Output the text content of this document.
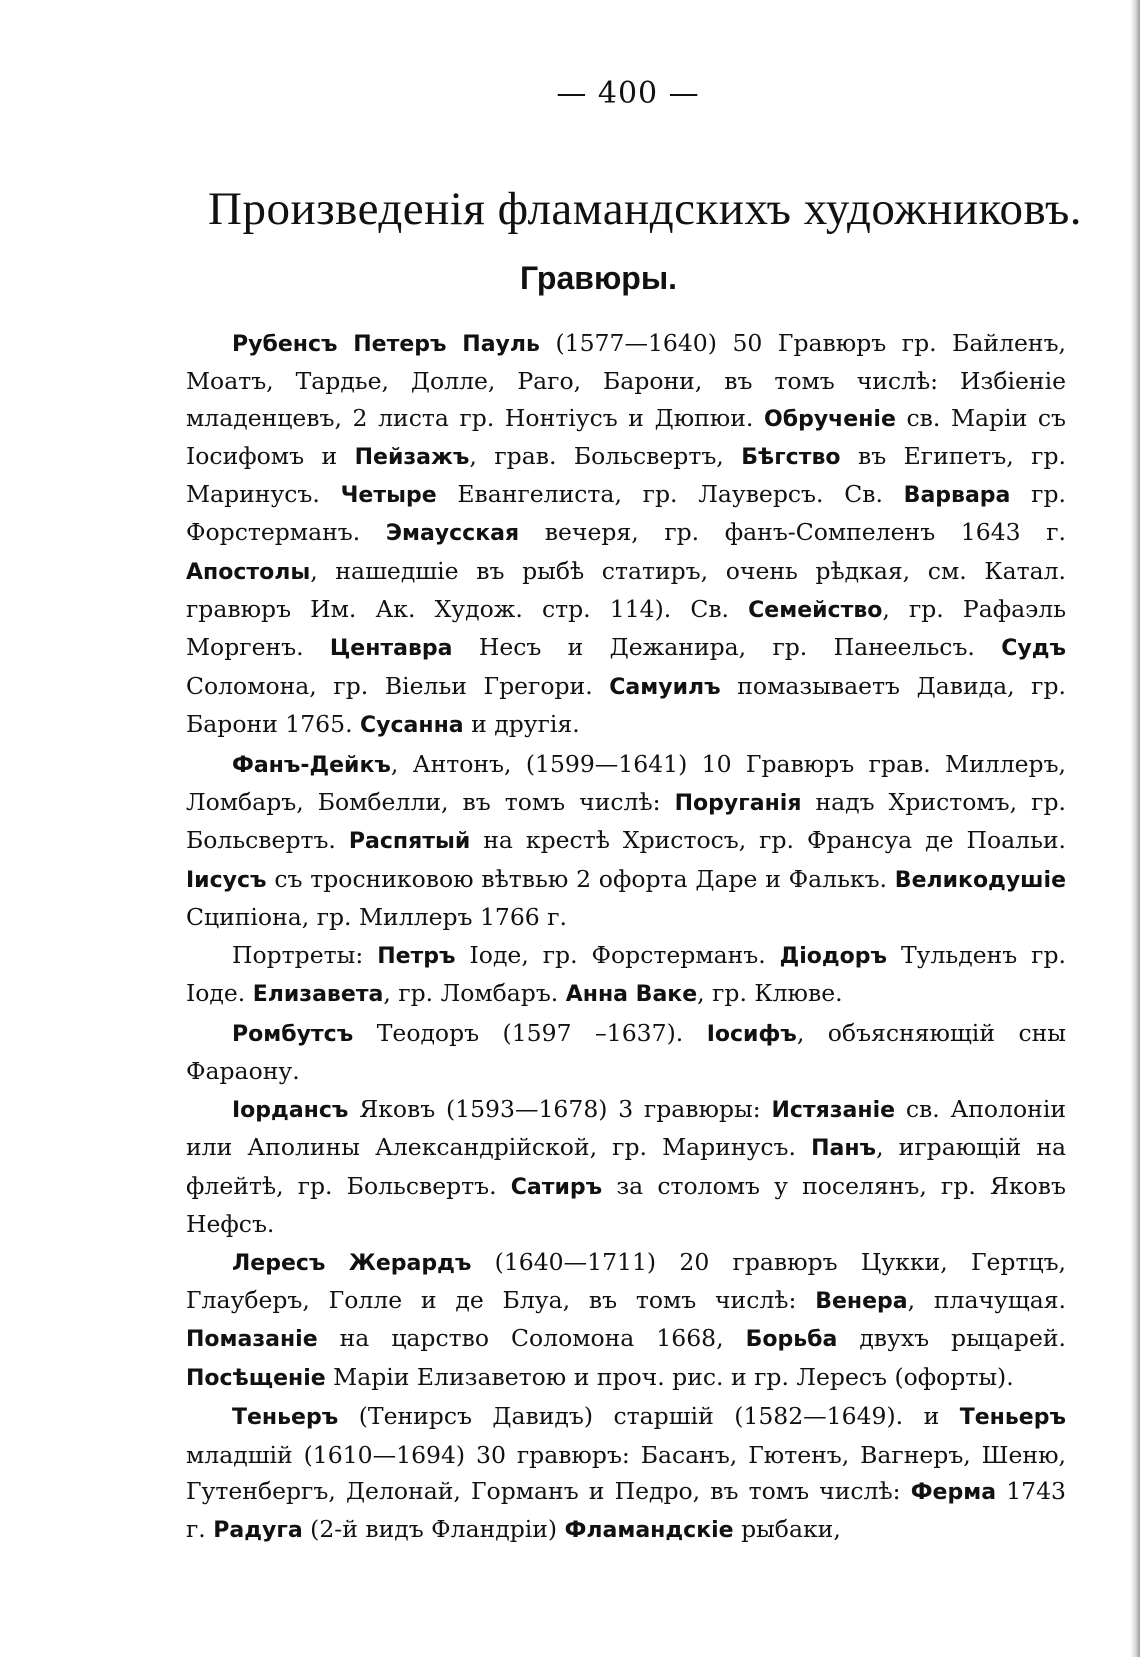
— 400 —
Произведенія фламандскихъ художниковъ.
Гравюры.

Рубенсъ Петеръ Пауль (1577—1640) 50 Гравюръ гр. Байленъ, Моатъ, Тардье, Долле, Раго, Барони, въ томъ числѣ: Избіеніе младенцевъ, 2 листа гр. Нонтіусъ и Дюпюи. Обрученіе св. Маріи съ Іосифомъ и Пейзажъ, грав. Больсвертъ, Бѣгство въ Египетъ, гр. Маринусъ. Четыре Евангелиста, гр. Лауверсъ. Св. Варвара гр. Форстерманъ. Эмаусская вечеря, гр. фанъ-Сомпеленъ 1643 г. Апостолы, нашедшіе въ рыбѣ статиръ, очень рѣдкая, см. Катал. гравюръ Им. Ак. Худож. стр. 114). Св. Семейство, гр. Рафаэль Моргенъ. Центавра Несъ и Дежанира, гр. Панеельсъ. Судъ Соломона, гр. Віельи Грегори. Самуилъ помазываетъ Давида, гр. Барони 1765. Сусанна и другія.

Фанъ-Дейкъ, Антонъ, (1599—1641) 10 Гравюръ грав. Миллеръ, Ломбаръ, Бомбелли, въ томъ числѣ: Поруганія надъ Христомъ, гр. Больсвертъ. Распятый на крестѣ Христосъ, гр. Франсуа де Поальи. Іисусъ съ тросниковою вѣтвью 2 офорта Даре и Фалькъ. Великодушіе Сципіона, гр. Миллеръ 1766 г.

Портреты: Петръ Іоде, гр. Форстерманъ. Діодоръ Тульденъ гр. Іоде. Елизавета, гр. Ломбаръ. Анна Ваке, гр. Клюве.

Ромбутсъ Теодоръ (1597 –1637). Іосифъ, объясняющій сны Фараону.

Іордансъ Яковъ (1593—1678) 3 гравюры: Истязаніе св. Аполоніи или Аполины Александрійской, гр. Маринусъ. Панъ, играющій на флейтѣ, гр. Больсвертъ. Сатиръ за столомъ у поселянъ, гр. Яковъ Нефсъ.

Лересъ Жерардъ (1640—1711) 20 гравюръ Цукки, Гертцъ, Глауберъ, Голле и де Блуа, въ томъ числѣ: Венера, плачущая. Помазаніе на царство Соломона 1668, Борьба двухъ рыцарей. Посѣщеніе Маріи Елизаветою и проч. рис. и гр. Лересъ (офорты).

Теньеръ (Тенирсъ Давидъ) старшій (1582—1649). и Теньеръ младшій (1610—1694) 30 гравюръ: Басанъ, Гютенъ, Вагнеръ, Шеню, Гутенбергъ, Делонай, Горманъ и Педро, въ томъ числѣ: Ферма 1743 г. Радуга (2-й видъ Фландріи) Фламандскіе рыбаки,
